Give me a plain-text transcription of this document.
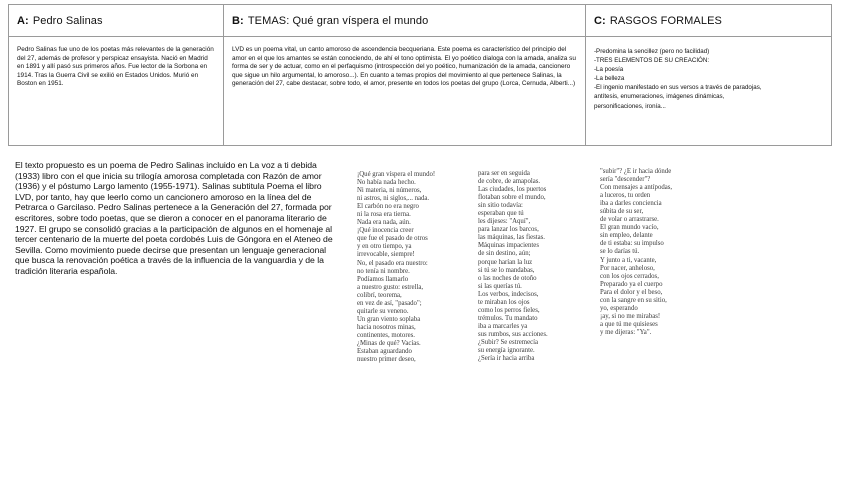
A: Pedro Salinas
Pedro Salinas fue uno de los poetas más relevantes de la generación del 27, además de profesor y perspicaz ensayista. Nació en Madrid en 1891 y allí pasó sus primeros años. Fue lector de la Sorbona en 1914. Tras la Guerra Civil se exilió en Estados Unidos. Murió en Boston en 1951.
B: TEMAS: Qué gran víspera el mundo
LVD es un poema vital, un canto amoroso de ascendencia becqueriana. Este poema es característico del principio del amor en el que los amantes se están conociendo, de ahí el tono optimista. El yo poético dialoga con la amada, analiza su forma de ser y de actuar, como en el perfaquismo (introspección del yo poético, humanización de la amada, cancionero que sigue un hilo argumental, lo amoroso...). En cuanto a temas propios del movimiento al que pertenece Salinas, la generación del 27, cabe destacar, sobre todo, el amor, presente en todos los poetas del grupo (Lorca, Cernuda, Alberti...)
C: RASGOS FORMALES
-Predomina la sencillez (pero no facilidad)
-TRES ELEMENTOS DE SU CREACIÓN:
-La poesía
-La belleza
-El ingenio manifestado en sus versos a través de paradojas,
antítesis, enumeraciones, imágenes dinámicas,
personificaciones, ironía...
El texto propuesto es un poema de Pedro Salinas incluido en La voz a ti debida (1933) libro con el que inicia su trilogía amorosa completada con Razón de amor (1936) y el póstumo Largo lamento (1955-1971). Salinas subtitula Poema el libro LVD, por tanto, hay que leerlo como un cancionero amoroso en la línea del de Petrarca o Garcilaso. Pedro Salinas pertenece a la Generación del 27, formada por escritores, sobre todo poetas, que se dieron a conocer en el panorama literario de 1927. El grupo se consolidó gracias a la participación de algunos en el homenaje al tercer centenario de la muerte del poeta cordobés Luis de Góngora en el Ateneo de Sevilla. Como movimiento puede decirse que presentan un lenguaje generacional que busca la renovación poética a través de la influencia de la vanguardia y de la tradición literaria española.
¡Qué gran víspera el mundo!
No había nada hecho.
Ni materia, ni números,
ni astros, ni siglos,... nada.
El carbón no era negro
ni la rosa era tierna.
Nada era nada, aún.
¡Qué inocencia creer
que fue el pasado de otros
y en otro tiempo, ya
irrevocable, siempre!
No, el pasado era nuestro:
no tenía ni nombre.
Podíamos llamarlo
a nuestro gusto: estrella,
colibrí, teorema,
en vez de así, "pasado";
quitarle su veneno.
Un gran viento soplaba
hacia nosotros minas,
continentes, motores.
¿Minas de qué? Vacías.
Estaban aguardando
nuestro primer deseo,
para ser en seguida
de cobre, de amapolas.
Las ciudades, los puertos
flotaban sobre el mundo,
sin sitio todavía:
esperaban que tú
les dijeses: "Aquí",
para lanzar los barcos,
las máquinas, las fiestas.
Máquinas impacientes
de sin destino, aún;
porque harían la luz
si tú se lo mandabas,
o las noches de otoño
si las querías tú.
Los verbos, indecisos,
te miraban los ojos
como los perros fieles,
trémulos. Tu mandato
iba a marcarles ya
sus rumbos, sus acciones.
¿Subir? Se estremecía
su energía ignorante.
¿Sería ir hacia arriba
"subir"? ¿E ir hacia dónde
sería "descender"?
Con mensajes a antípodas,
a luceros, tu orden
iba a darles conciencia
súbita de su ser,
de volar o arrastrarse.
El gran mundo vacío,
sin empleo, delante
de ti estaba: su impulso
se lo darías tú.
Y junto a ti, vacante,
Por nacer, anheloso,
con los ojos cerrados,
Preparado ya el cuerpo
Para el dolor y el beso,
con la sangre en su sitio,
yo, esperando
¡ay, si no me mirabas!
a que tú me quisieses
y me dijeras: "Ya".
